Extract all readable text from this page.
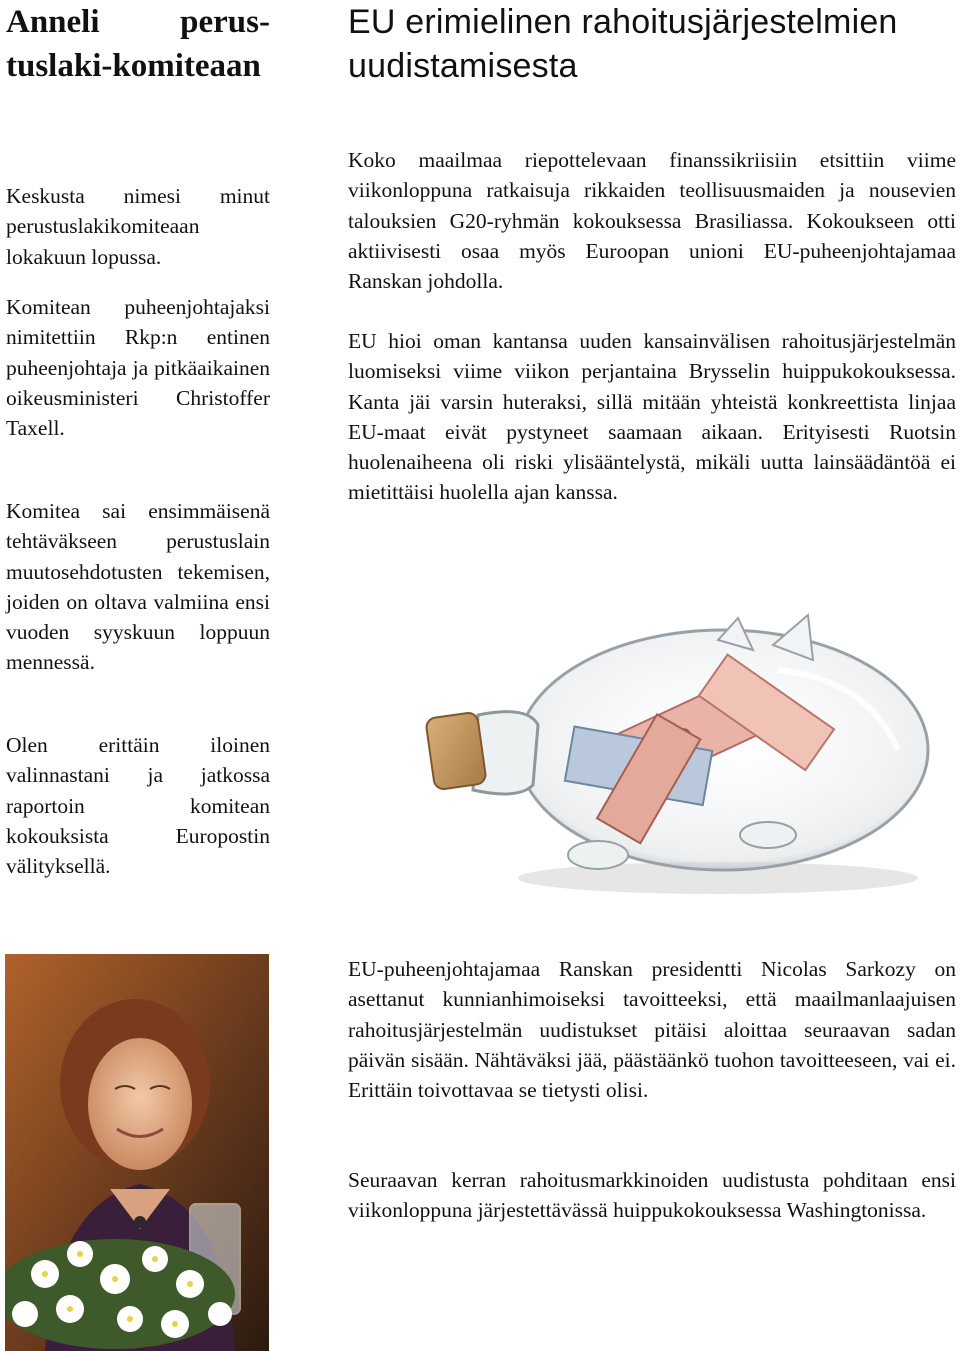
Anneli perus-tuslaki-komiteaan

Keskusta nimesi minut perustuslakikomiteaan lokakuun lopussa.

Komitean puheenjohtajaksi nimitettiin Rkp:n entinen puheenjohtaja ja pitkäaikainen oikeusministeri Christoffer Taxell.

Komitea sai ensimmäisenä tehtäväkseen perustuslain muutosehdotusten tekemisen, joiden on oltava valmiina ensi vuoden syyskuun loppuun mennessä.

Olen erittäin iloinen valinnastani ja jatkossa raportoin komitean kokouksista Europostin välityksellä.

EU erimielinen rahoitusjärjestelmien uudistamisesta

Koko maailmaa riepottelevaan finanssikriisiin etsittiin viime viikonloppuna ratkaisuja rikkaiden teollisuusmaiden ja nousevien talouksien G20-ryhmän kokouksessa Brasiliassa. Kokoukseen otti aktiivisesti osaa myös Euroopan unioni EU-puheenjohtajamaa Ranskan johdolla.

EU hioi oman kantansa uuden kansainvälisen rahoitusjärjestelmän luomiseksi viime viikon perjantaina Brysselin huippukokouksessa. Kanta jäi varsin huteraksi, sillä mitään yhteistä konkreettista linjaa EU-maat eivät pystyneet saamaan aikaan. Erityisesti Ruotsin huolenaiheena oli riski ylisääntelystä, mikäli uutta lainsäädäntöä ei mietittäisi huolella ajan kanssa.

EU-puheenjohtajamaa Ranskan presidentti Nicolas Sarkozy on asettanut kunnianhimoiseksi tavoitteeksi, että maailmanlaajuisen rahoitusjärjestelmän uudistukset pitäisi aloittaa seuraavan sadan päivän sisään. Nähtäväksi jää, päästäänkö tuohon tavoitteeseen, vai ei. Erittäin toivottavaa se tietysti olisi.

Seuraavan kerran rahoitusmarkkinoiden uudistusta pohditaan ensi viikonloppuna järjestettävässä huippukokouksessa Washingtonissa.
